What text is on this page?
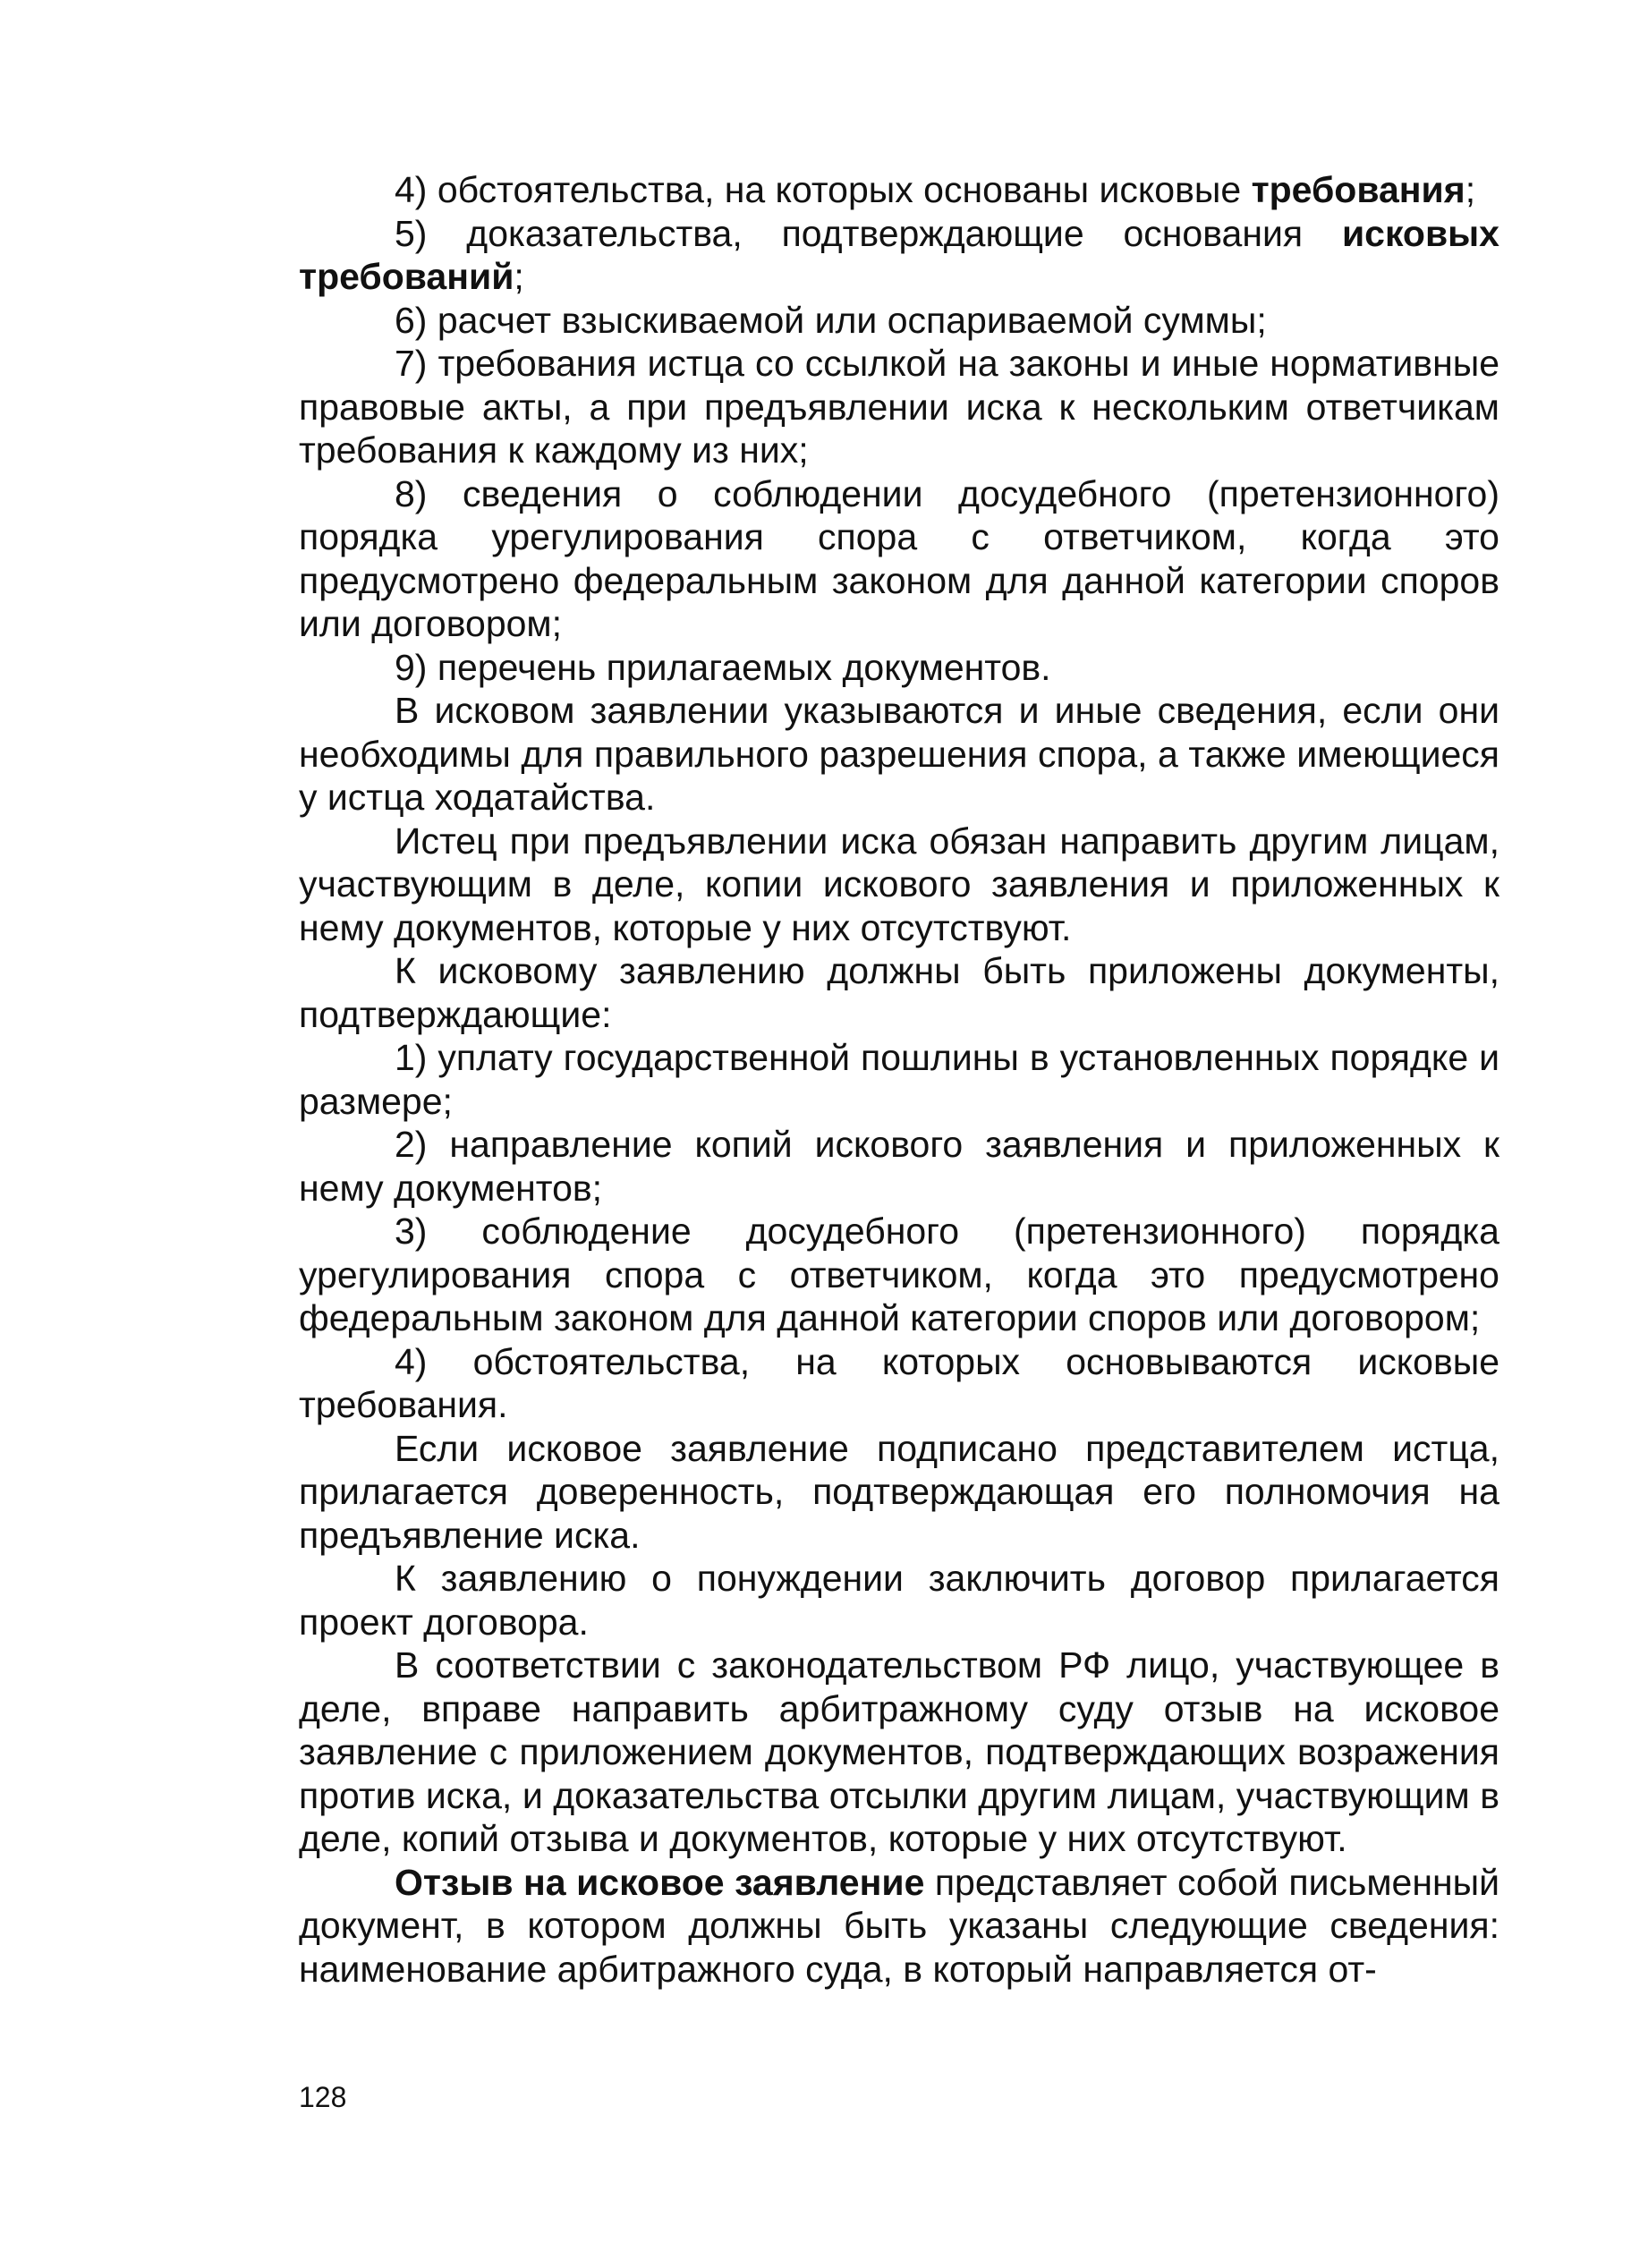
4) обстоятельства, на которых основаны исковые требования;

5) доказательства, подтверждающие основания исковых требований;

6) расчет взыскиваемой или оспариваемой суммы;

7) требования истца со ссылкой на законы и иные нормативные правовые акты, а при предъявлении иска к нескольким ответчикам требования к каждому из них;

8) сведения о соблюдении досудебного (претензионного) порядка урегулирования спора с ответчиком, когда это предусмотрено федеральным законом для данной категории споров или договором;

9) перечень прилагаемых документов.

В исковом заявлении указываются и иные сведения, если они необходимы для правильного разрешения спора, а также имеющиеся у истца ходатайства.

Истец при предъявлении иска обязан направить другим лицам, участвующим в деле, копии искового заявления и приложенных к нему документов, которые у них отсутствуют.

К исковому заявлению должны быть приложены документы, подтверждающие:

1) уплату государственной пошлины в установленных порядке и размере;

2) направление копий искового заявления и приложенных к нему документов;

3) соблюдение досудебного (претензионного) порядка урегулирования спора с ответчиком, когда это предусмотрено федеральным законом для данной категории споров или договором;

4) обстоятельства, на которых основываются исковые требования.

Если исковое заявление подписано представителем истца, прилагается доверенность, подтверждающая его полномочия на предъявление иска.

К заявлению о понуждении заключить договор прилагается проект договора.

В соответствии с законодательством РФ лицо, участвующее в деле, вправе направить арбитражному суду отзыв на исковое заявление с приложением документов, подтверждающих возражения против иска, и доказательства отсылки другим лицам, участвующим в деле, копий отзыва и документов, которые у них отсутствуют.

Отзыв на исковое заявление представляет собой письменный документ, в котором должны быть указаны следующие сведения: наименование арбитражного суда, в который направляется от-

128
